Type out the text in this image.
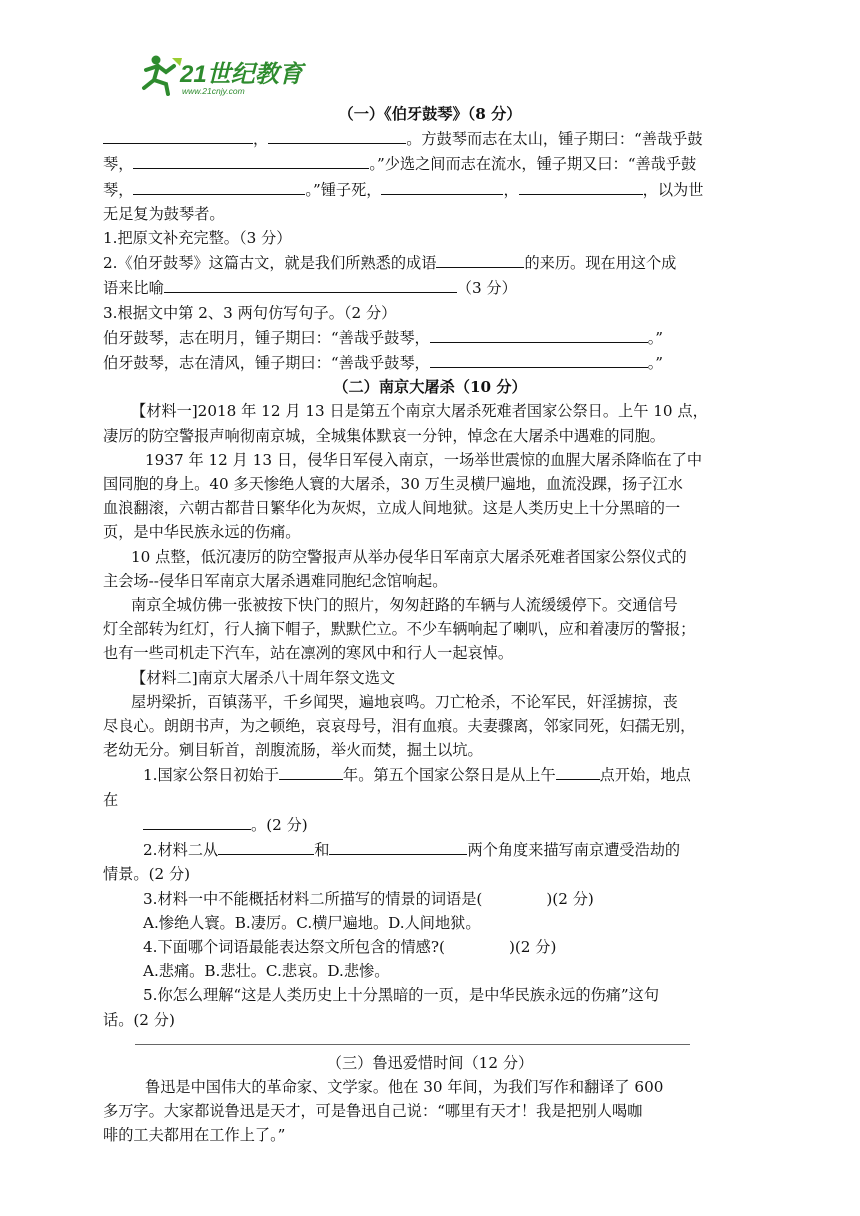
21世纪教育
www.21cnjy.com
（一）《伯牙鼓琴》（8 分）
，	。方鼓琴而志在太山，锺子期曰：“善哉乎鼓
琴，	。”少选之间而志在流水，锺子期又曰：“善哉乎鼓
琴，	。”锺子死，	，	，以为世
无足复为鼓琴者。
1.把原文补充完整。（3 分）
2.《伯牙鼓琴》这篇古文，就是我们所熟悉的成语	的来历。现在用这个成
语来比喻	（3 分）
3.根据文中第 2、3 两句仿写句子。（2 分）
伯牙鼓琴，志在明月，锺子期曰：“善哉乎鼓琴，	。”
伯牙鼓琴，志在清风，锺子期曰：“善哉乎鼓琴，	。”
（二）南京大屠杀（10 分）
【材料一]2018 年 12 月 13 日是第五个南京大屠杀死难者国家公祭日。上午 10 点，
凄厉的防空警报声响彻南京城，全城集体默哀一分钟，悼念在大屠杀中遇难的同胞。
1937 年 12 月 13 日，侵华日军侵入南京，一场举世震惊的血腥大屠杀降临在了中
国同胞的身上。40 多天惨绝人寰的大屠杀，30 万生灵横尸遍地，血流没踝，扬子江水
血浪翻滚，六朝古都昔日繁华化为灰烬，立成人间地狱。这是人类历史上十分黑暗的一
页，是中华民族永远的伤痛。
10 点整，低沉凄厉的防空警报声从举办侵华日军南京大屠杀死难者国家公祭仪式的
主会场--侵华日军南京大屠杀遇难同胞纪念馆响起。
南京全城仿佛一张被按下快门的照片，匆匆赶路的车辆与人流缓缓停下。交通信号
灯全部转为红灯，行人摘下帽子，默默伫立。不少车辆响起了喇叭，应和着凄厉的警报；
也有一些司机走下汽车，站在凛冽的寒风中和行人一起哀悼。
【材料二]南京大屠杀八十周年祭文选文
屋坍梁折，百镇荡平，千乡闻哭，遍地哀鸣。刀亡枪杀，不论军民，奸淫掳掠，丧
尽良心。朗朗书声，为之顿绝，哀哀母号，泪有血痕。夫妻骤离，邻家同死，妇孺无别，
老幼无分。剜目斩首，剖腹流肠，举火而焚，掘土以坑。
1.国家公祭日初始于	年。第五个国家公祭日是从上午	点开始，地点
在
。(2 分)
2.材料二从	和	两个角度来描写南京遭受浩劫的
情景。(2 分)
3.材料一中不能概括材料二所描写的情景的词语是(	)(2 分)
A.惨绝人寰。B.凄厉。C.横尸遍地。D.人间地狱。
4.下面哪个词语最能表达祭文所包含的情感?(	)(2 分)
A.悲痛。B.悲壮。C.悲哀。D.悲惨。
5.你怎么理解“这是人类历史上十分黑暗的一页，是中华民族永远的伤痛”这句
话。(2 分)
（三）鲁迅爱惜时间（12 分）
鲁迅是中国伟大的革命家、文学家。他在 30 年间，为我们写作和翻译了 600
多万字。大家都说鲁迅是天才，可是鲁迅自己说：“哪里有天才！我是把别人喝咖
啡的工夫都用在工作上了。”
